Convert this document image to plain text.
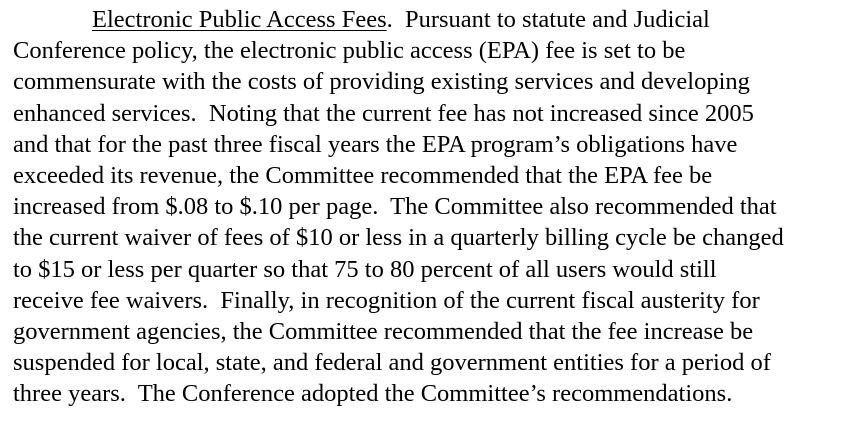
Electronic Public Access Fees.  Pursuant to statute and Judicial
Conference policy, the electronic public access (EPA) fee is set to be
commensurate with the costs of providing existing services and developing
enhanced services.  Noting that the current fee has not increased since 2005
and that for the past three fiscal years the EPA program’s obligations have
exceeded its revenue, the Committee recommended that the EPA fee be
increased from $.08 to $.10 per page.  The Committee also recommended that
the current waiver of fees of $10 or less in a quarterly billing cycle be changed
to $15 or less per quarter so that 75 to 80 percent of all users would still
receive fee waivers.  Finally, in recognition of the current fiscal austerity for
government agencies, the Committee recommended that the fee increase be
suspended for local, state, and federal and government entities for a period of
three years.  The Conference adopted the Committee’s recommendations.
